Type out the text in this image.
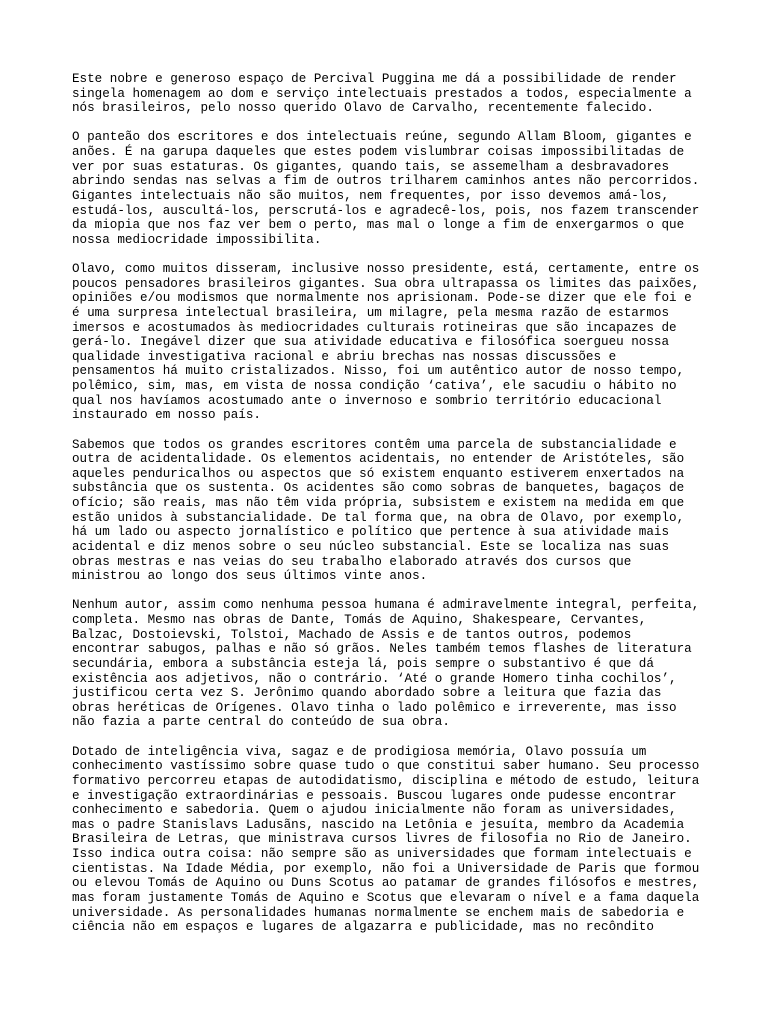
Este nobre e generoso espaço de Percival Puggina me dá a possibilidade de render
singela homenagem ao dom e serviço intelectuais prestados a todos, especialmente a
nós brasileiros, pelo nosso querido Olavo de Carvalho, recentemente falecido.

O panteão dos escritores e dos intelectuais reúne, segundo Allam Bloom, gigantes e
anões. É na garupa daqueles que estes podem vislumbrar coisas impossibilitadas de
ver por suas estaturas. Os gigantes, quando tais, se assemelham a desbravadores
abrindo sendas nas selvas a fim de outros trilharem caminhos antes não percorridos.
Gigantes intelectuais não são muitos, nem frequentes, por isso devemos amá-los,
estudá-los, auscultá-los, perscrutá-los e agradecê-los, pois, nos fazem transcender
da miopia que nos faz ver bem o perto, mas mal o longe a fim de enxergarmos o que
nossa mediocridade impossibilita.

Olavo, como muitos disseram, inclusive nosso presidente, está, certamente, entre os
poucos pensadores brasileiros gigantes. Sua obra ultrapassa os limites das paixões,
opiniões e/ou modismos que normalmente nos aprisionam. Pode-se dizer que ele foi e
é uma surpresa intelectual brasileira, um milagre, pela mesma razão de estarmos
imersos e acostumados às mediocridades culturais rotineiras que são incapazes de
gerá-lo. Inegável dizer que sua atividade educativa e filosófica soergueu nossa
qualidade investigativa racional e abriu brechas nas nossas discussões e
pensamentos há muito cristalizados. Nisso, foi um autêntico autor de nosso tempo,
polêmico, sim, mas, em vista de nossa condição ‘cativa’, ele sacudiu o hábito no
qual nos havíamos acostumado ante o invernoso e sombrio território educacional
instaurado em nosso país.

Sabemos que todos os grandes escritores contêm uma parcela de substancialidade e
outra de acidentalidade. Os elementos acidentais, no entender de Aristóteles, são
aqueles penduricalhos ou aspectos que só existem enquanto estiverem enxertados na
substância que os sustenta. Os acidentes são como sobras de banquetes, bagaços de
ofício; são reais, mas não têm vida própria, subsistem e existem na medida em que
estão unidos à substancialidade. De tal forma que, na obra de Olavo, por exemplo,
há um lado ou aspecto jornalístico e político que pertence à sua atividade mais
acidental e diz menos sobre o seu núcleo substancial. Este se localiza nas suas
obras mestras e nas veias do seu trabalho elaborado através dos cursos que
ministrou ao longo dos seus últimos vinte anos.

Nenhum autor, assim como nenhuma pessoa humana é admiravelmente integral, perfeita,
completa. Mesmo nas obras de Dante, Tomás de Aquino, Shakespeare, Cervantes,
Balzac, Dostoievski, Tolstoi, Machado de Assis e de tantos outros, podemos
encontrar sabugos, palhas e não só grãos. Neles também temos flashes de literatura
secundária, embora a substância esteja lá, pois sempre o substantivo é que dá
existência aos adjetivos, não o contrário. ‘Até o grande Homero tinha cochilos’,
justificou certa vez S. Jerônimo quando abordado sobre a leitura que fazia das
obras heréticas de Orígenes. Olavo tinha o lado polêmico e irreverente, mas isso
não fazia a parte central do conteúdo de sua obra.

Dotado de inteligência viva, sagaz e de prodigiosa memória, Olavo possuía um
conhecimento vastíssimo sobre quase tudo o que constitui saber humano. Seu processo
formativo percorreu etapas de autodidatismo, disciplina e método de estudo, leitura
e investigação extraordinárias e pessoais. Buscou lugares onde pudesse encontrar
conhecimento e sabedoria. Quem o ajudou inicialmente não foram as universidades,
mas o padre Stanislavs Ladusãns, nascido na Letônia e jesuíta, membro da Academia
Brasileira de Letras, que ministrava cursos livres de filosofia no Rio de Janeiro.
Isso indica outra coisa: não sempre são as universidades que formam intelectuais e
cientistas. Na Idade Média, por exemplo, não foi a Universidade de Paris que formou
ou elevou Tomás de Aquino ou Duns Scotus ao patamar de grandes filósofos e mestres,
mas foram justamente Tomás de Aquino e Scotus que elevaram o nível e a fama daquela
universidade. As personalidades humanas normalmente se enchem mais de sabedoria e
ciência não em espaços e lugares de algazarra e publicidade, mas no recôndito
